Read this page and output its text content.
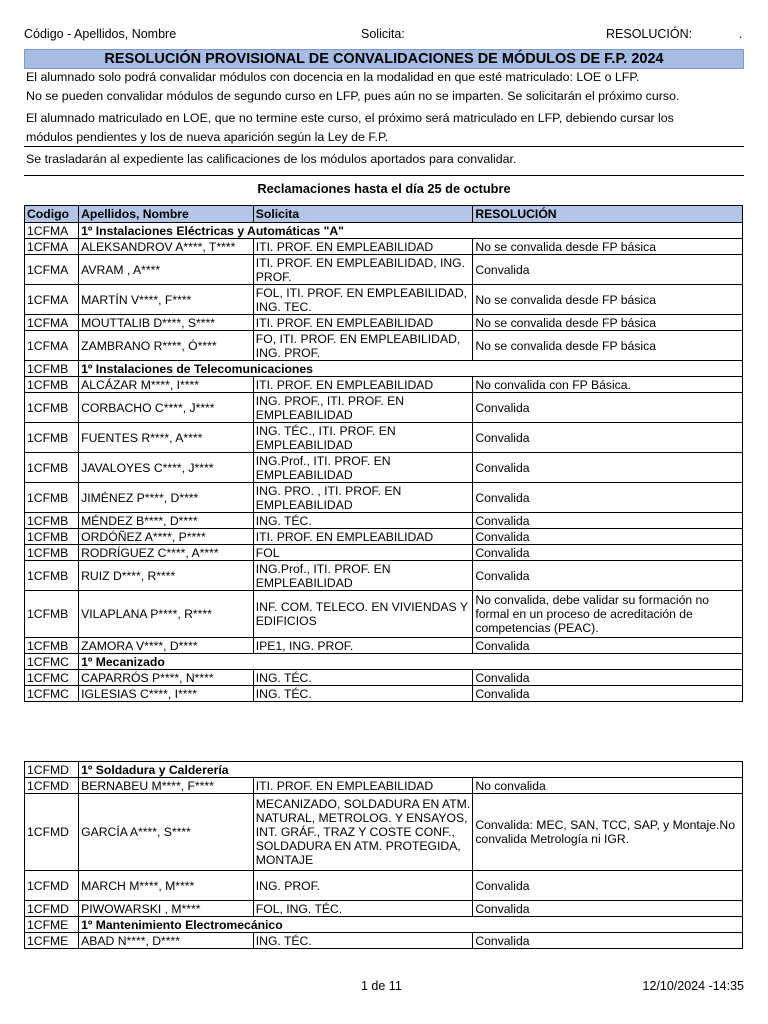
Código - Apellidos, Nombre	Solicita:	RESOLUCIÓN:	.
RESOLUCIÓN PROVISIONAL DE CONVALIDACIONES DE MÓDULOS DE F.P. 2024

El alumnado solo podrá convalidar módulos con docencia en la modalidad en que esté matriculado: LOE o LFP.

No se pueden convalidar módulos de segundo curso en LFP, pues aún no se imparten. Se solicitarán el próximo curso.

El alumnado matriculado en LOE, que no termine este curso, el próximo será matriculado en LFP, debiendo cursar los

módulos pendientes y los de nueva aparición según la Ley de F.P.

Se trasladarán al expediente las calificaciones de los módulos aportados para convalidar.
Reclamaciones hasta el día 25 de octubre
Codigo	Apellidos, Nombre	Solicita	RESOLUCIÓN
1CFMA	1º Instalaciones Eléctricas y Automáticas "A"		
1CFMA	ALEKSANDROV A****, T****	ITI. PROF. EN EMPLEABILIDAD	No se convalida desde FP básica
1CFMA	AVRAM , A****	ITI. PROF. EN EMPLEABILIDAD, ING. PROF.	Convalida
1CFMA	MARTÍN V****, F****	FOL, ITI. PROF. EN EMPLEABILIDAD, ING. TEC.	No se convalida desde FP básica
1CFMA	MOUTTALIB D****, S****	ITI. PROF. EN EMPLEABILIDAD	No se convalida desde FP básica
1CFMA	ZAMBRANO R****, Ó****	FO, ITI. PROF. EN EMPLEABILIDAD, ING. PROF.	No se convalida desde FP básica
1CFMB	1º Instalaciones de Telecomunicaciones		
1CFMB	ALCÁZAR M****, I****	ITI. PROF. EN EMPLEABILIDAD	No convalida con FP Básica.
1CFMB	CORBACHO C****, J****	ING. PROF., ITI. PROF. EN EMPLEABILIDAD	Convalida
1CFMB	FUENTES R****, A****	ING. TÉC., ITI. PROF. EN EMPLEABILIDAD	Convalida
1CFMB	JAVALOYES C****, J****	ING.Prof., ITI. PROF. EN EMPLEABILIDAD	Convalida
1CFMB	JIMÉNEZ P****, D****	ING. PRO. , ITI. PROF. EN EMPLEABILIDAD	Convalida
1CFMB	MÉNDEZ B****, D****	ING. TÉC.	Convalida
1CFMB	ORDÓÑEZ A****, P****	ITI. PROF. EN EMPLEABILIDAD	Convalida
1CFMB	RODRÍGUEZ C****, A****	FOL	Convalida
1CFMB	RUIZ D****, R****	ING.Prof., ITI. PROF. EN EMPLEABILIDAD	Convalida
1CFMB	VILAPLANA P****, R****	INF. COM. TELECO. EN VIVIENDAS Y EDIFICIOS	No convalida, debe validar su formación no formal en un proceso de acreditación de competencias (PEAC).
1CFMB	ZAMORA V****, D****	IPE1, ING. PROF.	Convalida
1CFMC	1º Mecanizado		
1CFMC	CAPARRÓS P****, N****	ING. TÉC.	Convalida
1CFMC	IGLESIAS C****, I****	ING. TÉC.	Convalida
1CFMD	1º Soldadura y Calderería		
1CFMD	BERNABEU M****, F****	ITI. PROF. EN EMPLEABILIDAD	No convalida
1CFMD	GARCÍA A****, S****	MECANIZADO, SOLDADURA EN ATM. NATURAL, METROLOG. Y ENSAYOS, INT. GRÁF., TRAZ Y COSTE CONF., SOLDADURA EN ATM. PROTEGIDA, MONTAJE	Convalida: MEC, SAN, TCC, SAP, y Montaje.No convalida Metrología ni IGR.
1CFMD	MARCH M****, M****	ING. PROF.	Convalida
1CFMD	PIWOWARSKI , M****	FOL, ING. TÉC.	Convalida
1CFME	1º Mantenimiento Electromecánico		
1CFME	ABAD N****, D****	ING. TÉC.	Convalida
1 de 11	12/10/2024 -14:35
